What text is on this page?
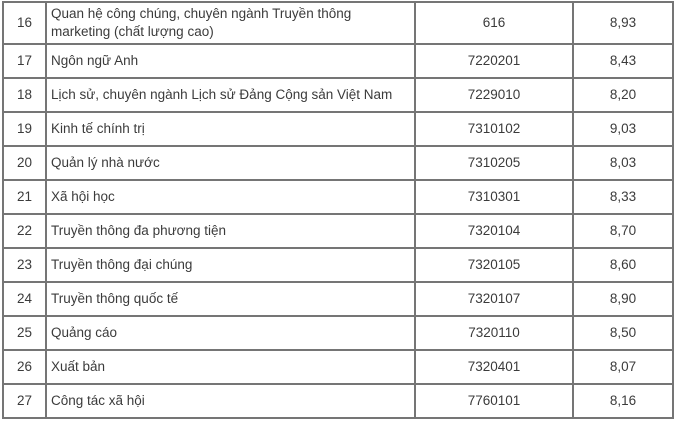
16	Quan hệ công chúng, chuyên ngành Truyền thông marketing (chất lượng cao)	616	8,93
17	Ngôn ngữ Anh	7220201	8,43
18	Lịch sử, chuyên ngành Lịch sử Đảng Cộng sản Việt Nam	7229010	8,20
19	Kinh tế chính trị	7310102	9,03
20	Quản lý nhà nước	7310205	8,03
21	Xã hội học	7310301	8,33
22	Truyền thông đa phương tiện	7320104	8,70
23	Truyền thông đại chúng	7320105	8,60
24	Truyền thông quốc tế	7320107	8,90
25	Quảng cáo	7320110	8,50
26	Xuất bản	7320401	8,07
27	Công tác xã hội	7760101	8,16
